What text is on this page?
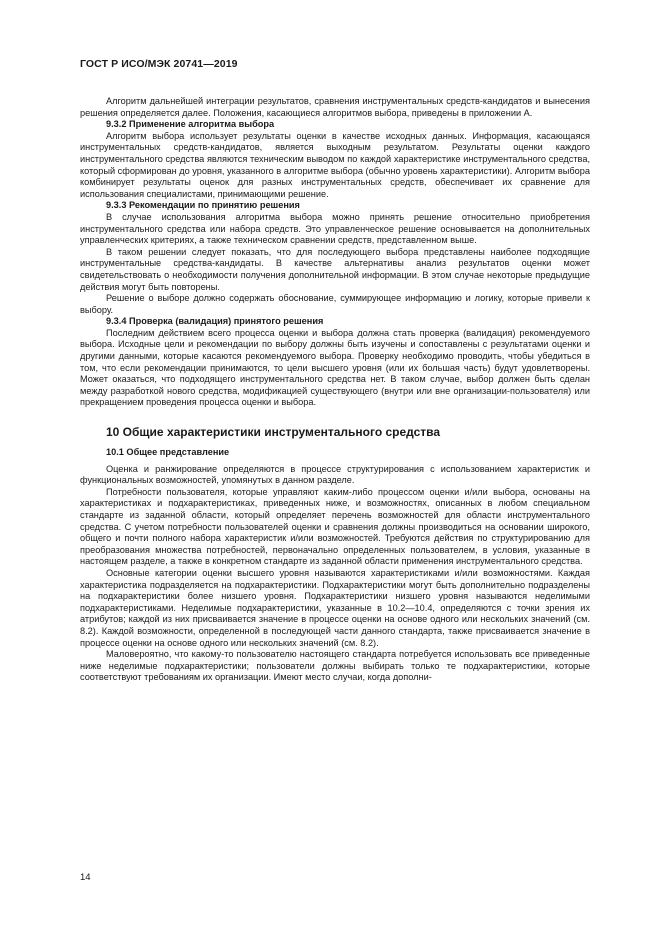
ГОСТ Р ИСО/МЭК 20741—2019

Алгоритм дальнейшей интеграции результатов, сравнения инструментальных средств-кандидатов и вынесения решения определяется далее. Положения, касающиеся алгоритмов выбора, приведены в приложении А.

9.3.2 Применение алгоритма выбора

Алгоритм выбора использует результаты оценки в качестве исходных данных. Информация, касающаяся инструментальных средств-кандидатов, является выходным результатом. Результаты оценки каждого инструментального средства являются техническим выводом по каждой характеристике инструментального средства, который сформирован до уровня, указанного в алгоритме выбора (обычно уровень характеристики). Алгоритм выбора комбинирует результаты оценок для разных инструментальных средств, обеспечивает их сравнение для использования специалистами, принимающими решение.

9.3.3 Рекомендации по принятию решения

В случае использования алгоритма выбора можно принять решение относительно приобретения инструментального средства или набора средств. Это управленческое решение основывается на дополнительных управленческих критериях, а также техническом сравнении средств, представленном выше.

В таком решении следует показать, что для последующего выбора представлены наиболее подходящие инструментальные средства-кандидаты. В качестве альтернативы анализ результатов оценки может свидетельствовать о необходимости получения дополнительной информации. В этом случае некоторые предыдущие действия могут быть повторены.

Решение о выборе должно содержать обоснование, суммирующее информацию и логику, которые привели к выбору.

9.3.4 Проверка (валидация) принятого решения

Последним действием всего процесса оценки и выбора должна стать проверка (валидация) рекомендуемого выбора. Исходные цели и рекомендации по выбору должны быть изучены и сопоставлены с результатами оценки и другими данными, которые касаются рекомендуемого выбора. Проверку необходимо проводить, чтобы убедиться в том, что если рекомендации принимаются, то цели высшего уровня (или их большая часть) будут удовлетворены. Может оказаться, что подходящего инструментального средства нет. В таком случае, выбор должен быть сделан между разработкой нового средства, модификацией существующего (внутри или вне организации-пользователя) или прекращением проведения процесса оценки и выбора.

10 Общие характеристики инструментального средства
10.1 Общее представление

Оценка и ранжирование определяются в процессе структурирования с использованием характеристик и функциональных возможностей, упомянутых в данном разделе.

Потребности пользователя, которые управляют каким-либо процессом оценки и/или выбора, основаны на характеристиках и подхарактеристиках, приведенных ниже, и возможностях, описанных в любом специальном стандарте из заданной области, который определяет перечень возможностей для области инструментального средства. С учетом потребности пользователей оценки и сравнения должны производиться на основании широкого, общего и почти полного набора характеристик и/или возможностей. Требуются действия по структурированию для преобразования множества потребностей, первоначально определенных пользователем, в условия, указанные в настоящем разделе, а также в конкретном стандарте из заданной области применения инструментального средства.

Основные категории оценки высшего уровня называются характеристиками и/или возможностями. Каждая характеристика подразделяется на подхарактеристики. Подхарактеристики могут быть дополнительно подразделены на подхарактеристики более низшего уровня. Подхарактеристики низшего уровня называются неделимыми подхарактеристиками. Неделимые подхарактеристики, указанные в 10.2—10.4, определяются с точки зрения их атрибутов; каждой из них присваивается значение в процессе оценки на основе одного или нескольких значений (см. 8.2). Каждой возможности, определенной в последующей части данного стандарта, также присваивается значение в процессе оценки на основе одного или нескольких значений (см. 8.2).

Маловероятно, что какому-то пользователю настоящего стандарта потребуется использовать все приведенные ниже неделимые подхарактеристики; пользователи должны выбирать только те подхарактеристики, которые соответствуют требованиям их организации. Имеют место случаи, когда дополни-

14
